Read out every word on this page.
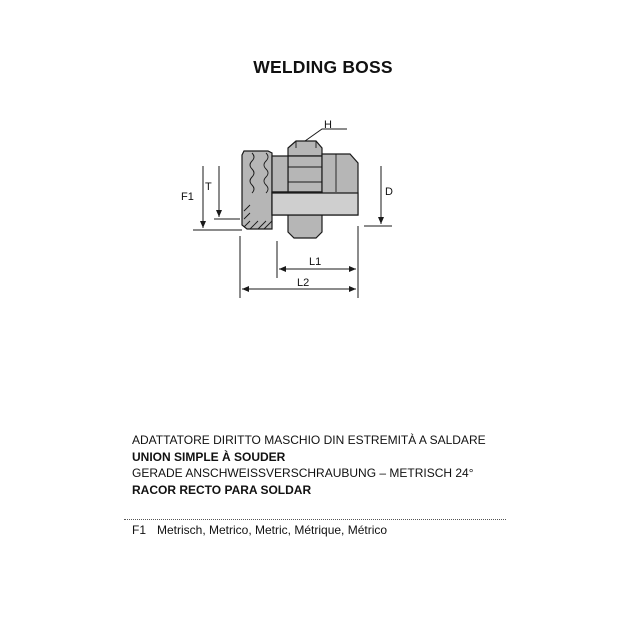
WELDING BOSS
H
F1
T	D
L1
L2
ADATTATORE DIRITTO MASCHIO DIN ESTREMITÀ A SALDARE
UNION SIMPLE À SOUDER
GERADE ANSCHWEISSVERSCHRAUBUNG – METRISCH 24°
RACOR RECTO PARA SOLDAR
F1 Metrisch, Metrico, Metric, Métrique, Métrico
